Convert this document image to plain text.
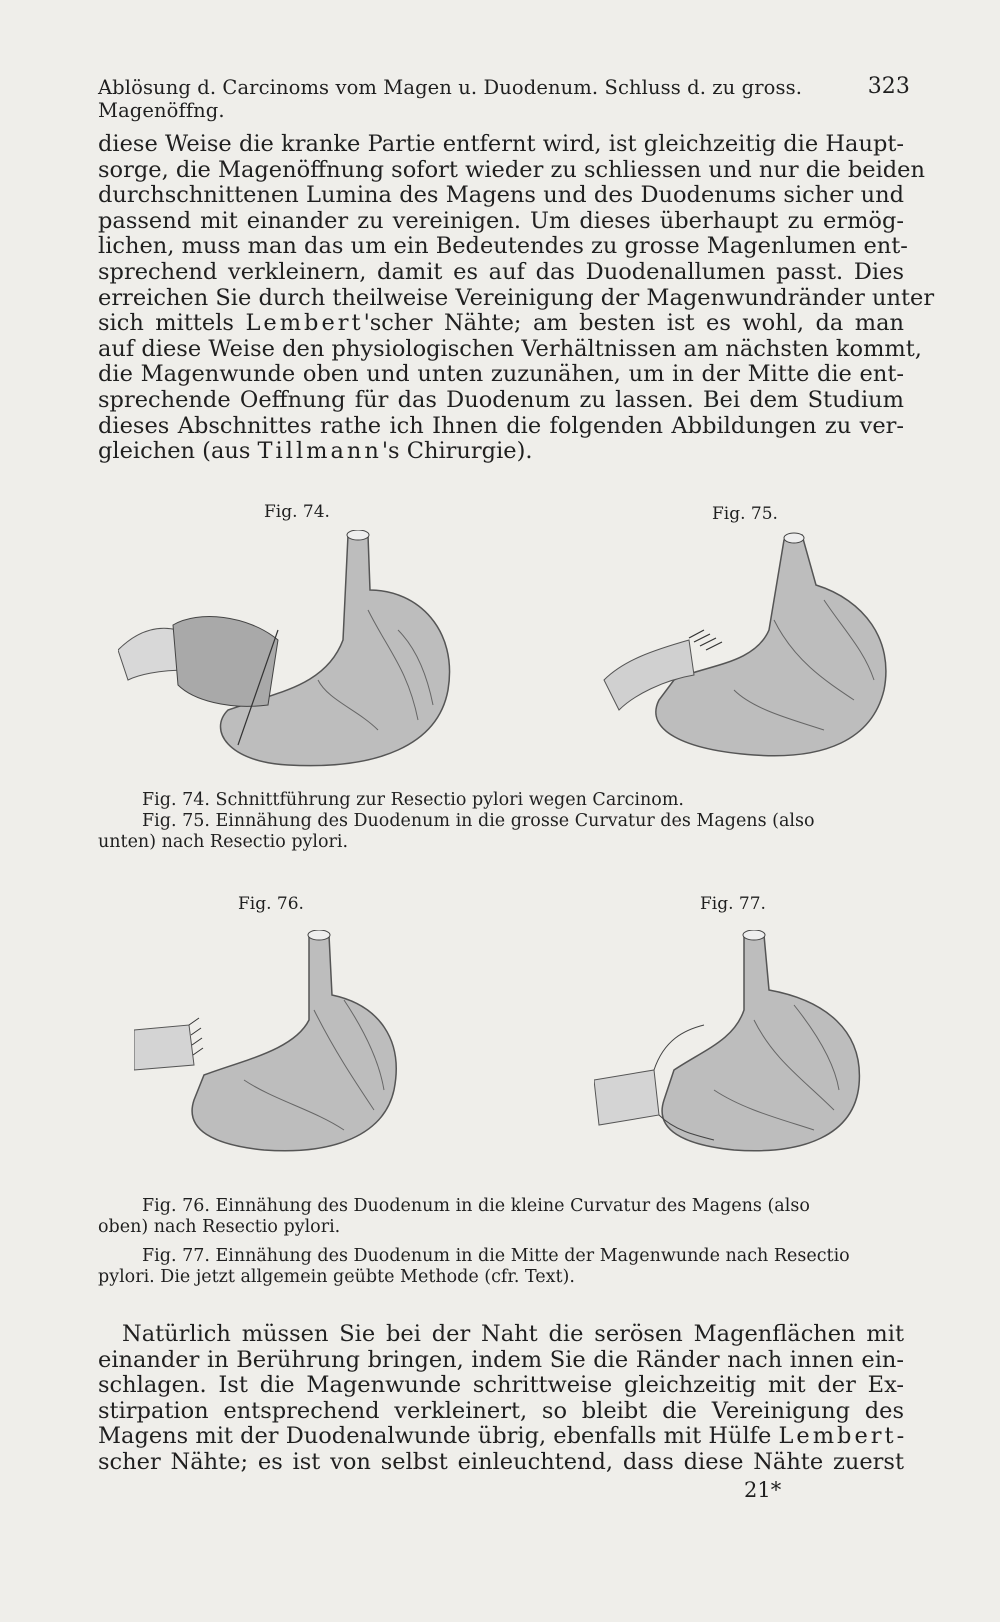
Ablösung d. Carcinoms vom Magen u. Duodenum. Schluss d. zu gross. Magenöffng.
323

diese Weise die kranke Partie entfernt wird, ist gleichzeitig die Haupt-
sorge, die Magenöffnung sofort wieder zu schliessen und nur die beiden
durchschnittenen Lumina des Magens und des Duodenums sicher und
passend mit einander zu vereinigen. Um dieses überhaupt zu ermög-
lichen, muss man das um ein Bedeutendes zu grosse Magenlumen ent-
sprechend verkleinern, damit es auf das Duodenallumen passt. Dies
erreichen Sie durch theilweise Vereinigung der Magenwundränder unter
sich mittels Lembert'scher Nähte; am besten ist es wohl, da man
auf diese Weise den physiologischen Verhältnissen am nächsten kommt,
die Magenwunde oben und unten zuzunähen, um in der Mitte die ent-
sprechende Oeffnung für das Duodenum zu lassen. Bei dem Studium
dieses Abschnittes rathe ich Ihnen die folgenden Abbildungen zu ver-
gleichen (aus Tillmann's Chirurgie).

Fig. 74.	Fig. 75.

Fig. 74. Schnittführung zur Resectio pylori wegen Carcinom.
Fig. 75. Einnähung des Duodenum in die grosse Curvatur des Magens (also
unten) nach Resectio pylori.

Fig. 76.	Fig. 77.

Fig. 76. Einnähung des Duodenum in die kleine Curvatur des Magens (also
oben) nach Resectio pylori.
Fig. 77. Einnähung des Duodenum in die Mitte der Magenwunde nach Resectio
pylori. Die jetzt allgemein geübte Methode (cfr. Text).

Natürlich müssen Sie bei der Naht die serösen Magenflächen mit
einander in Berührung bringen, indem Sie die Ränder nach innen ein-
schlagen. Ist die Magenwunde schrittweise gleichzeitig mit der Ex-
stirpation entsprechend verkleinert, so bleibt die Vereinigung des
Magens mit der Duodenalwunde übrig, ebenfalls mit Hülfe Lembert-
scher Nähte; es ist von selbst einleuchtend, dass diese Nähte zuerst

21*
